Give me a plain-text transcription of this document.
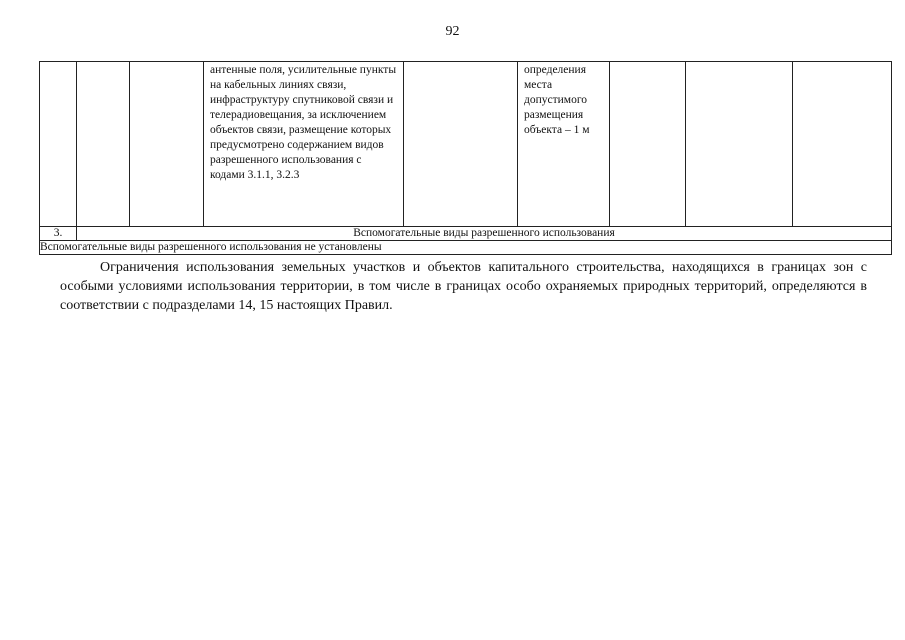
92

			антенные поля, усилительные пункты на кабельных линиях связи, инфраструктуру спутниковой связи и телерадиовещания, за исключением объектов связи, размещение которых предусмотрено содержанием видов разрешенного использования с кодами 3.1.1, 3.2.3		определения места допустимого размещения объекта – 1 м			

3.	Вспомогательные виды разрешенного использования							
Вспомогательные виды разрешенного использования не установлены								
Ограничения использования земельных участков и объектов капитального строительства, находящихся в границах зон с особыми условиями использования территории, в том числе в границах особо охраняемых природных территорий, определяются в соответствии с подразделами 14, 15 настоящих Правил.
